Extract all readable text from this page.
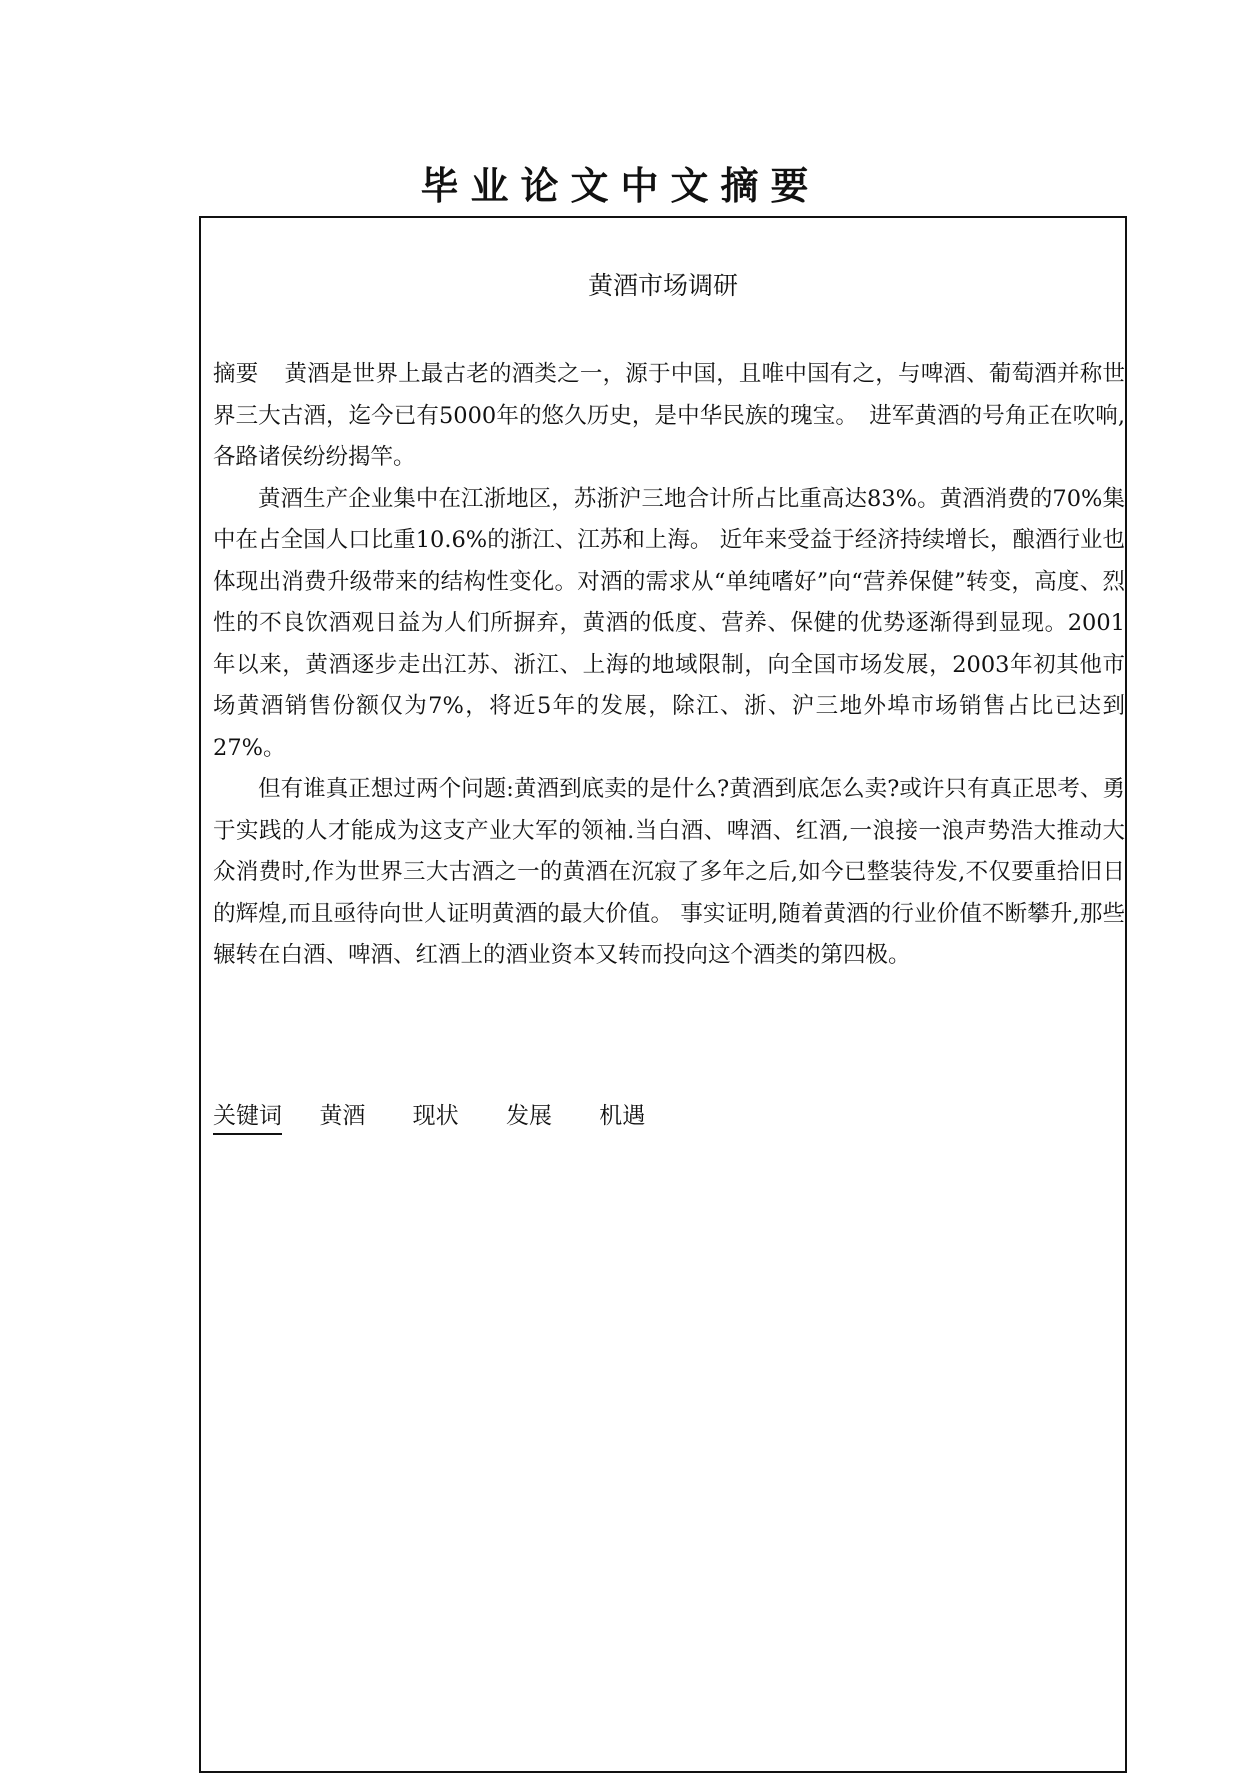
毕业论文中文摘要
黄酒市场调研

摘要 黄酒是世界上最古老的酒类之一，源于中国，且唯中国有之，与啤酒、葡萄酒并称世界三大古酒，迄今已有5000年的悠久历史，是中华民族的瑰宝。　进军黄酒的号角正在吹响,各路诸侯纷纷揭竿。

黄酒生产企业集中在江浙地区，苏浙沪三地合计所占比重高达83%。黄酒消费的70%集中在占全国人口比重10.6%的浙江、江苏和上海。 近年来受益于经济持续增长，酿酒行业也体现出消费升级带来的结构性变化。对酒的需求从“单纯嗜好”向“营养保健”转变，高度、烈性的不良饮酒观日益为人们所摒弃，黄酒的低度、营养、保健的优势逐渐得到显现。2001年以来，黄酒逐步走出江苏、浙江、上海的地域限制，向全国市场发展，2003年初其他市场黄酒销售份额仅为7%，将近5年的发展，除江、浙、沪三地外埠市场销售占比已达到27%。

但有谁真正想过两个问题:黄酒到底卖的是什么?黄酒到底怎么卖?或许只有真正思考、勇于实践的人才能成为这支产业大军的领袖.当白酒、啤酒、红酒,一浪接一浪声势浩大推动大众消费时,作为世界三大古酒之一的黄酒在沉寂了多年之后,如今已整装待发,不仅要重拾旧日的辉煌,而且亟待向世人证明黄酒的最大价值。 事实证明,随着黄酒的行业价值不断攀升,那些辗转在白酒、啤酒、红酒上的酒业资本又转而投向这个酒类的第四极。

关键词 黄酒 现状 发展 机遇
